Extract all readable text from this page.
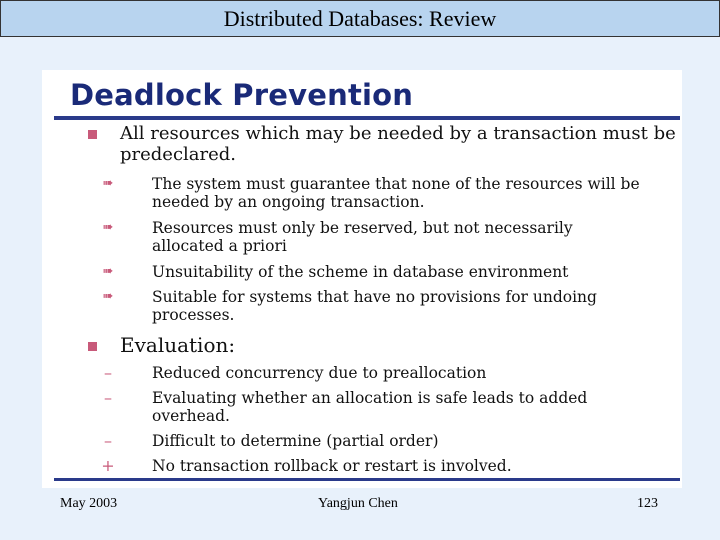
Distributed Databases: Review
Deadlock Prevention
All resources which may be needed by a transaction must be predeclared.
➠ The system must guarantee that none of the resources will be needed by an ongoing transaction.
➠ Resources must only be reserved, but not necessarily allocated a priori
➠ Unsuitability of the scheme in database environment
➠ Suitable for systems that have no provisions for undoing processes.
Evaluation:
–	Reduced concurrency due to preallocation
–	Evaluating whether an allocation is safe leads to added overhead.
–	Difficult to determine (partial order)
+ No transaction rollback or restart is involved.
May 2003	Yangjun Chen	123
